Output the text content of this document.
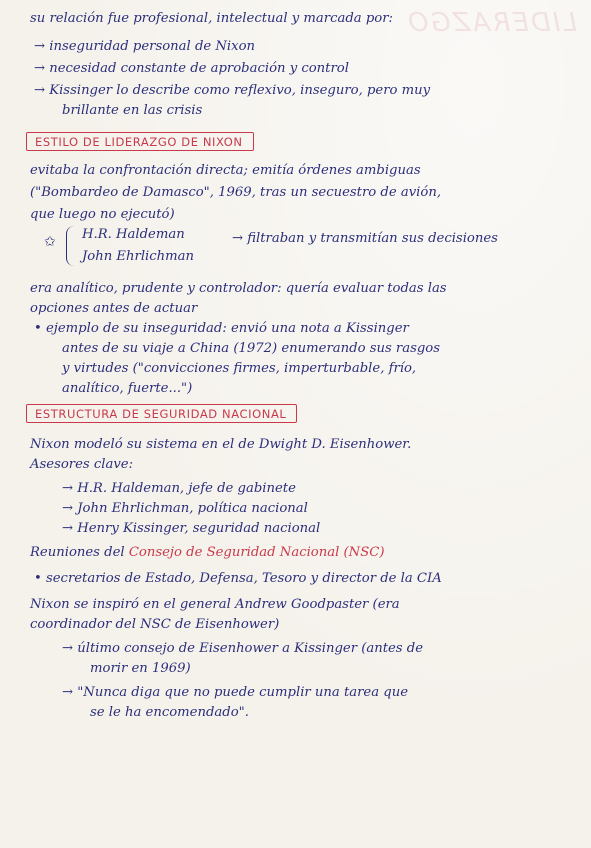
LIDERAZGO
su relación fue profesional, intelectual y marcada por:
→ inseguridad personal de Nixon
→ necesidad constante de aprobación y control
→ Kissinger lo describe como reflexivo, inseguro, pero muy
brillante en las crisis
ESTILO DE LIDERAZGO DE NIXON
evitaba la confrontación directa; emitía órdenes ambiguas
("Bombardeo de Damasco", 1969, tras un secuestro de avión,
que luego no ejecutó)
✩ H.R. Haldeman
John Ehrlichman
→ filtraban y transmitían sus decisiones
era analítico, prudente y controlador: quería evaluar todas las
opciones antes de actuar
• ejemplo de su inseguridad: envió una nota a Kissinger
antes de su viaje a China (1972) enumerando sus rasgos
y virtudes ("convicciones firmes, imperturbable, frío,
analítico, fuerte...")
ESTRUCTURA DE SEGURIDAD NACIONAL
Nixon modeló su sistema en el de Dwight D. Eisenhower.
Asesores clave:
→ H.R. Haldeman, jefe de gabinete
→ John Ehrlichman, política nacional
→ Henry Kissinger, seguridad nacional
Reuniones del Consejo de Seguridad Nacional (NSC)
• secretarios de Estado, Defensa, Tesoro y director de la CIA
Nixon se inspiró en el general Andrew Goodpaster (era
coordinador del NSC de Eisenhower)
→ último consejo de Eisenhower a Kissinger (antes de
morir en 1969)
→ "Nunca diga que no puede cumplir una tarea que
se le ha encomendado".
